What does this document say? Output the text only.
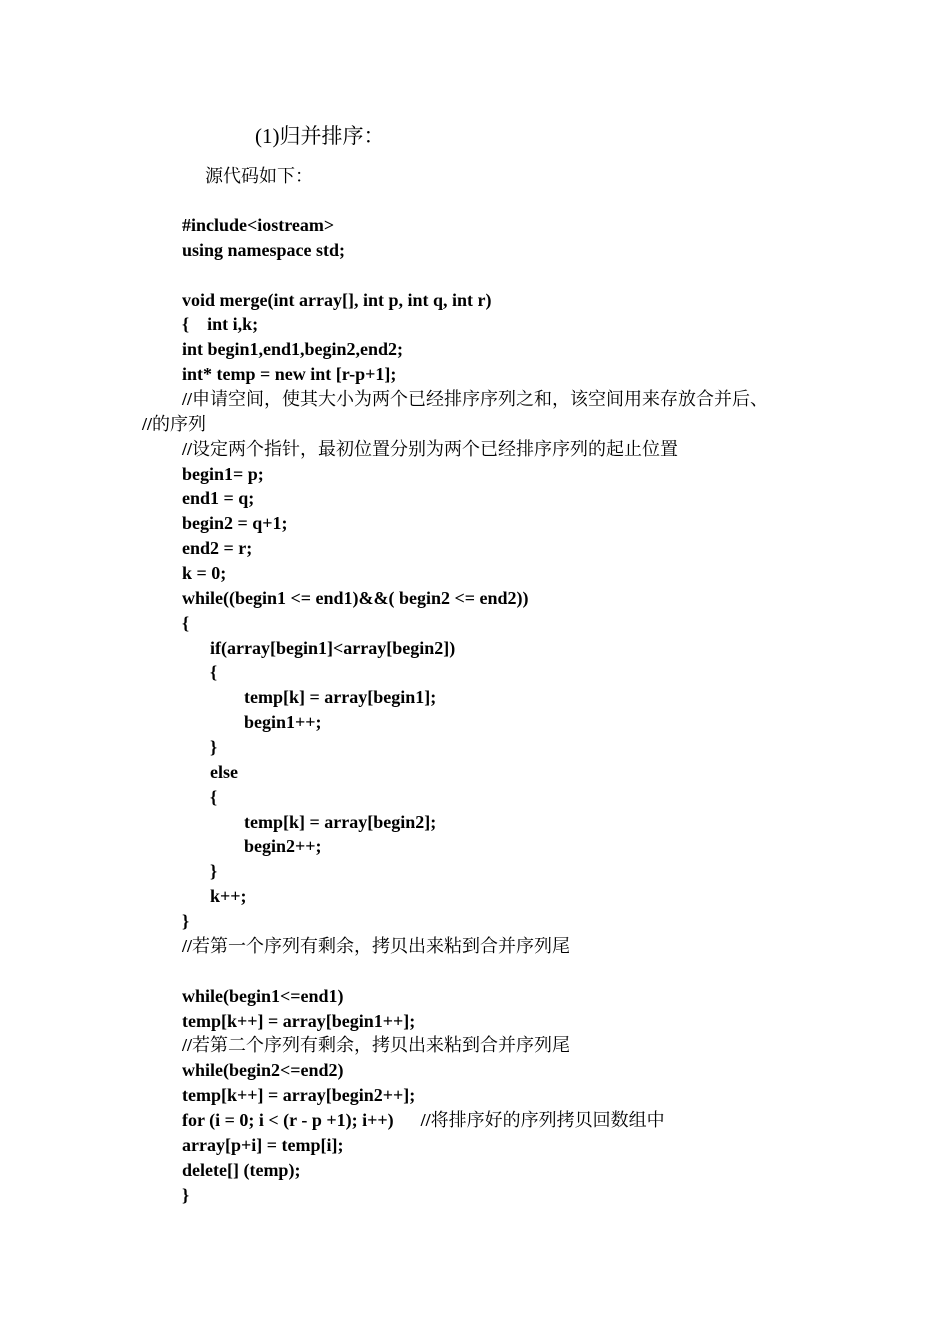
(1)归并排序：
源代码如下：
#include<iostream>
using namespace std;
void merge(int array[], int p, int q, int r)
{    int i,k;
int begin1,end1,begin2,end2;
int* temp = new int [r-p+1];
//申请空间，使其大小为两个已经排序序列之和，该空间用来存放合并后、
//的序列
//设定两个指针，最初位置分别为两个已经排序序列的起止位置
begin1= p;
end1 = q;
begin2 = q+1;
end2 = r;
k = 0;
while((begin1 <= end1)&&( begin2 <= end2))
{
if(array[begin1]<array[begin2])
{
temp[k] = array[begin1];
begin1++;
}
else
{
temp[k] = array[begin2];
begin2++;
}
k++;
}
//若第一个序列有剩余，拷贝出来粘到合并序列尾
while(begin1<=end1)
temp[k++] = array[begin1++];
//若第二个序列有剩余，拷贝出来粘到合并序列尾
while(begin2<=end2)
temp[k++] = array[begin2++];
for (i = 0; i < (r - p +1); i++)      //将排序好的序列拷贝回数组中
array[p+i] = temp[i];
delete[] (temp);
}
